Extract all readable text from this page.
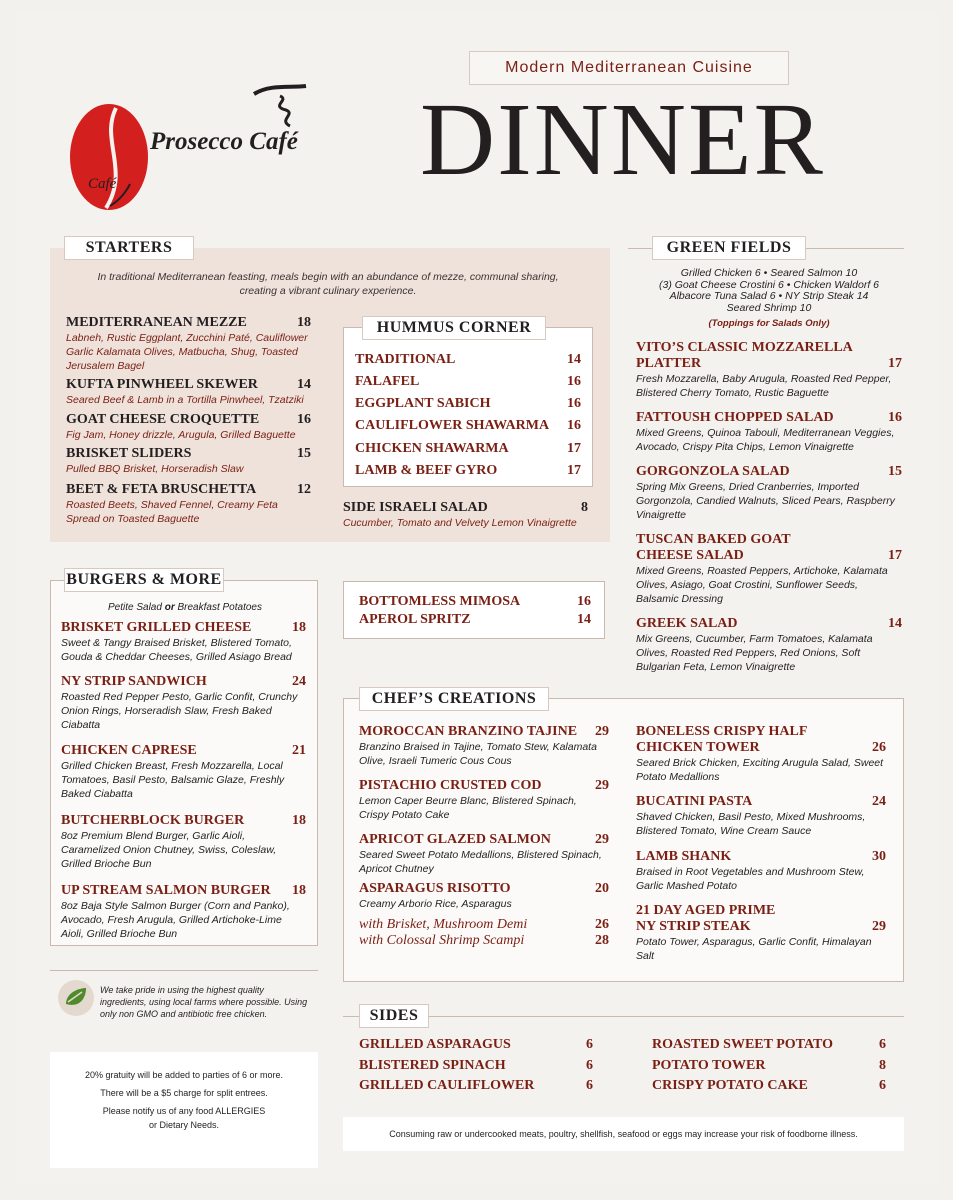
Modern Mediterranean Cuisine
DINNER
Prosecco Café
Café
STARTERS
In traditional Mediterranean feasting, meals begin with an abundance of mezze, communal sharing, creating a vibrant culinary experience.
MEDITERRANEAN MEZZE	18
Labneh, Rustic Eggplant, Zucchini Paté, Cauliflower Garlic Kalamata Olives, Matbucha, Shug, Toasted Jerusalem Bagel
KUFTA PINWHEEL SKEWER	14
Seared Beef & Lamb in a Tortilla Pinwheel, Tzatziki
GOAT CHEESE CROQUETTE	16
Fig Jam, Honey drizzle, Arugula, Grilled Baguette
BRISKET SLIDERS	15
Pulled BBQ Brisket, Horseradish Slaw
BEET & FETA BRUSCHETTA	12
Roasted Beets, Shaved Fennel, Creamy Feta Spread on Toasted Baguette
HUMMUS CORNER
TRADITIONAL	14
FALAFEL	16
EGGPLANT SABICH	16
CAULIFLOWER SHAWARMA	16
CHICKEN SHAWARMA	17
LAMB & BEEF GYRO	17
SIDE ISRAELI SALAD	8
Cucumber, Tomato and Velvety Lemon Vinaigrette
GREEN FIELDS
Grilled Chicken 6 • Seared Salmon 10
(3) Goat Cheese Crostini 6 • Chicken Waldorf 6
Albacore Tuna Salad 6 • NY Strip Steak 14
Seared Shrimp 10
(Toppings for Salads Only)
VITO’S CLASSIC MOZZARELLA
PLATTER	17
Fresh Mozzarella, Baby Arugula, Roasted Red Pepper, Blistered Cherry Tomato, Rustic Baguette
FATTOUSH CHOPPED SALAD	16
Mixed Greens, Quinoa Tabouli, Mediterranean Veggies, Avocado, Crispy Pita Chips, Lemon Vinaigrette
GORGONZOLA SALAD	15
Spring Mix Greens, Dried Cranberries, Imported Gorgonzola, Candied Walnuts, Sliced Pears, Raspberry Vinaigrette
TUSCAN BAKED GOAT
CHEESE SALAD	17
Mixed Greens, Roasted Peppers, Artichoke, Kalamata Olives, Asiago, Goat Crostini, Sunflower Seeds, Balsamic Dressing
GREEK SALAD	14
Mix Greens, Cucumber, Farm Tomatoes, Kalamata Olives, Roasted Red Peppers, Red Onions, Soft Bulgarian Feta, Lemon Vinaigrette
BURGERS & MORE
Petite Salad or Breakfast Potatoes
BRISKET GRILLED CHEESE	18
Sweet & Tangy Braised Brisket, Blistered Tomato, Gouda & Cheddar Cheeses, Grilled Asiago Bread
NY STRIP SANDWICH	24
Roasted Red Pepper Pesto, Garlic Confit, Crunchy Onion Rings, Horseradish Slaw, Fresh Baked Ciabatta
CHICKEN CAPRESE	21
Grilled Chicken Breast, Fresh Mozzarella, Local Tomatoes, Basil Pesto, Balsamic Glaze, Freshly Baked Ciabatta
BUTCHERBLOCK BURGER	18
8oz Premium Blend Burger, Garlic Aioli, Caramelized Onion Chutney, Swiss, Coleslaw, Grilled Brioche Bun
UP STREAM SALMON BURGER	18
8oz Baja Style Salmon Burger (Corn and Panko), Avocado, Fresh Arugula, Grilled Artichoke-Lime Aioli, Grilled Brioche Bun
BOTTOMLESS MIMOSA	16
APEROL SPRITZ	14
CHEF’S CREATIONS
MOROCCAN BRANZINO TAJINE	29
Branzino Braised in Tajine, Tomato Stew, Kalamata Olive, Israeli Tumeric Cous Cous
PISTACHIO CRUSTED COD	29
Lemon Caper Beurre Blanc, Blistered Spinach, Crispy Potato Cake
APRICOT GLAZED SALMON	29
Seared Sweet Potato Medallions, Blistered Spinach, Apricot Chutney
ASPARAGUS RISOTTO	20
Creamy Arborio Rice, Asparagus
with Brisket, Mushroom Demi	26
with Colossal Shrimp Scampi	28
BONELESS CRISPY HALF
CHICKEN TOWER	26
Seared Brick Chicken, Exciting Arugula Salad, Sweet Potato Medallions
BUCATINI PASTA	24
Shaved Chicken, Basil Pesto, Mixed Mushrooms, Blistered Tomato, Wine Cream Sauce
LAMB SHANK	30
Braised in Root Vegetables and Mushroom Stew, Garlic Mashed Potato
21 DAY AGED PRIME
NY STRIP STEAK	29
Potato Tower, Asparagus, Garlic Confit, Himalayan Salt
We take pride in using the highest quality ingredients, using local farms where possible. Using only non GMO and antibiotic free chicken.
20% gratuity will be added to parties of 6 or more.
There will be a $5 charge for split entrees.
Please notify us of any food ALLERGIES
or Dietary Needs.
SIDES
GRILLED ASPARAGUS	6
BLISTERED SPINACH	6
GRILLED CAULIFLOWER	6
ROASTED SWEET POTATO	6
POTATO TOWER	8
CRISPY POTATO CAKE	6
Consuming raw or undercooked meats, poultry, shellfish, seafood or eggs may increase your risk of foodborne illness.
